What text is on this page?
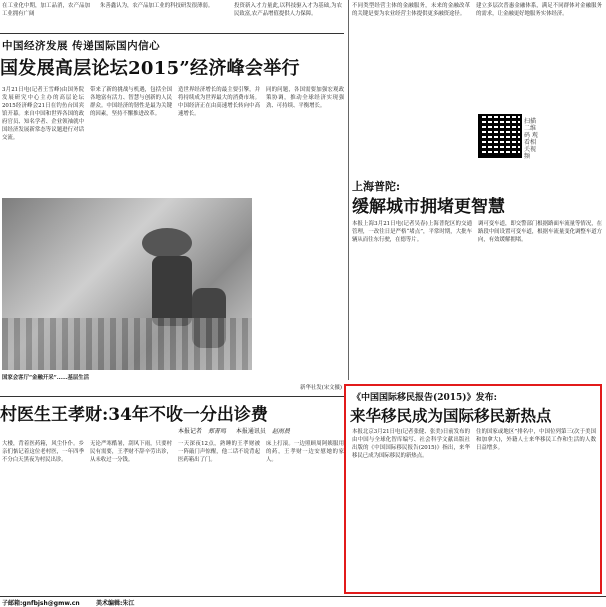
在工业化中期，加工品消，农产品加工业拥有广阔
朱善鑫认为，农产品加工业的科技研发很薄弱。	投资新入才力量此,以科技驱入才为基础,为农民致富,农产品增值提供人力保障。
中国经济发展 传递国际国内信心
国发展高层论坛2015”经济峰会举行
3月21日电(记者王雪峰)由国务院发展研究中心主办的高层论坛2015经济峰会21日在钓鱼台国宾馆开幕。来自中国和世界各国的政府官员、知名学者、企业领袖就中国经济发展新常态等议题进行对话交流。
带来了新的挑战与机遇，包括全国各地富有活力、智慧与创新的人民群众。中国经济的韧性是最为关键的因素，坚持不懈推进改革。
造世界经济增长的最主要引擎，并将持续成为世界最大的消费市场。中国经济正在由高速增长转向中高速增长。
同的问题，各国需要加强宏观政策协调，推动全球经济实现强劲、可持续、平衡增长。
国家会客厅“金融开采”……基层生活
新华社发(宋文摄)
村医生王孝财:34年不收一分出诊费
本报记者 郑菁鸣 本报通讯员 赵雨晨
大楼，背着医药箱，风尘仆仆。乡亲们惦记着这位老村医，一年四季不分白天黑夜为村民出诊。
无论严寒酷暑，刮风下雨，只要村民有需要，王孝财不辞辛劳出诊，从未收过一分钱。
一天深夜12点，熟睡的王孝财被一阵敲门声惊醒，他二话不说背起医药箱出了门。
床上打滚。一边照顾周阿姨服用的药，王孝财一边安慰她的家人。
不同类型经营主体的金融服务，未来的金融改革的关键是要为农业经营主体提供更多融资途径。
建立多层次普惠金融体系，满足不同群体对金融服务的需求，让金融更好地服务实体经济。
扫描二维码 观看相关视频
上海普陀:
缓解城市拥堵更智慧
本报上海3月21日电(记者吴春)上海普陀区的交通管理，一改往日是严格“堵点”，平常时期，大批车辆从而往东行驶，在德等片。
调可变车道，即交警部门根据路面车流量等情况，在路段中间设置可变车道，根据车流量变化调整车道方向，有效缓解拥堵。
《中国国际移民报告(2015)》发布:
来华移民成为国际移民新热点
本报北京3月21日电(记者张健、张美)日前发布的由中国与全球化智库编写、社会科学文献出版社出版的《中国国际移民报告(2015)》指出，来华移民已成为国际移民的新热点。
住的国家或地区”排名中，中国位列第三(次于美国和加拿大)，外籍人士来华移民工作和生活的人数日益增多。
子邮箱:gnfbjsh@gmw.cn	美术编辑:朱江
